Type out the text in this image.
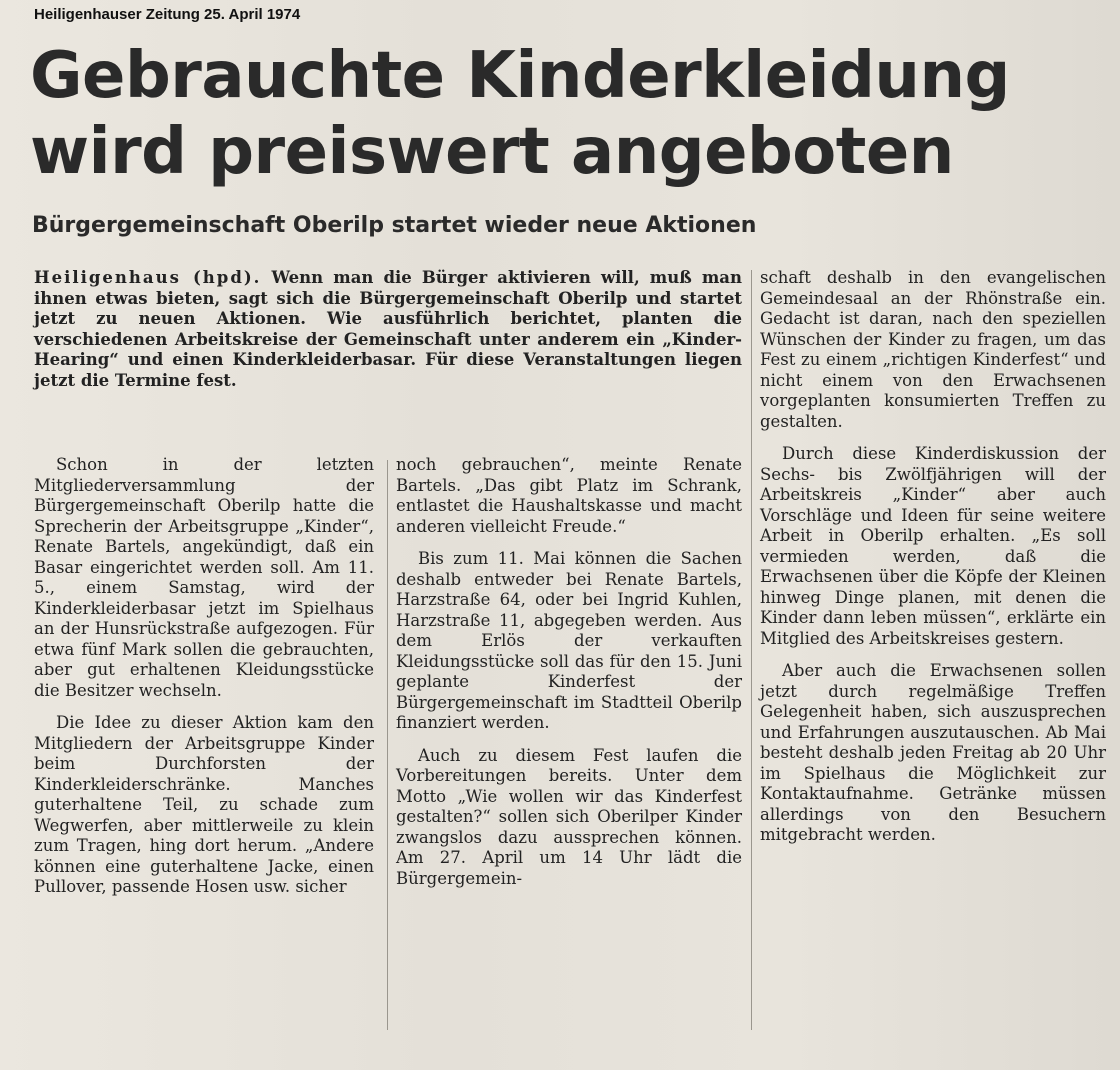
Heiligenhauser Zeitung 25. April 1974
Gebrauchte Kinderkleidung
wird preiswert angeboten
Bürgergemeinschaft Oberilp startet wieder neue Aktionen

Heiligenhaus (hpd). Wenn man die Bürger aktivieren will, muß man ihnen etwas bieten, sagt sich die Bürgergemeinschaft Oberilp und startet jetzt zu neuen Aktionen. Wie ausführlich berichtet, planten die verschiedenen Arbeitskreise der Gemeinschaft unter anderem ein „Kinder-Hearing“ und einen Kinderkleiderbasar. Für diese Veranstaltungen liegen jetzt die Termine fest.

Schon in der letzten Mitgliederversammlung der Bürgergemeinschaft Oberilp hatte die Sprecherin der Arbeitsgruppe „Kinder“, Renate Bartels, angekündigt, daß ein Basar eingerichtet werden soll. Am 11. 5., einem Samstag, wird der Kinderkleiderbasar jetzt im Spielhaus an der Hunsrückstraße aufgezogen. Für etwa fünf Mark sollen die gebrauchten, aber gut erhaltenen Kleidungsstücke die Besitzer wechseln.

Die Idee zu dieser Aktion kam den Mitgliedern der Arbeitsgruppe Kinder beim Durchforsten der Kinderkleiderschränke. Manches guterhaltene Teil, zu schade zum Wegwerfen, aber mittlerweile zu klein zum Tragen, hing dort herum. „Andere können eine guterhaltene Jacke, einen Pullover, passende Hosen usw. sicher

noch gebrauchen“, meinte Renate Bartels. „Das gibt Platz im Schrank, entlastet die Haushaltskasse und macht anderen vielleicht Freude.“

Bis zum 11. Mai können die Sachen deshalb entweder bei Renate Bartels, Harzstraße 64, oder bei Ingrid Kuhlen, Harzstraße 11, abgegeben werden. Aus dem Erlös der verkauften Kleidungsstücke soll das für den 15. Juni geplante Kinderfest der Bürgergemeinschaft im Stadtteil Oberilp finanziert werden.

Auch zu diesem Fest laufen die Vorbereitungen bereits. Unter dem Motto „Wie wollen wir das Kinderfest gestalten?“ sollen sich Oberilper Kinder zwangslos dazu aussprechen können. Am 27. April um 14 Uhr lädt die Bürgergemein-

schaft deshalb in den evangelischen Gemeindesaal an der Rhönstraße ein. Gedacht ist daran, nach den speziellen Wünschen der Kinder zu fragen, um das Fest zu einem „richtigen Kinderfest“ und nicht einem von den Erwachsenen vorgeplanten konsumierten Treffen zu gestalten.

Durch diese Kinderdiskussion der Sechs- bis Zwölfjährigen will der Arbeitskreis „Kinder“ aber auch Vorschläge und Ideen für seine weitere Arbeit in Oberilp erhalten. „Es soll vermieden werden, daß die Erwachsenen über die Köpfe der Kleinen hinweg Dinge planen, mit denen die Kinder dann leben müssen“, erklärte ein Mitglied des Arbeitskreises gestern.

Aber auch die Erwachsenen sollen jetzt durch regelmäßige Treffen Gelegenheit haben, sich auszusprechen und Erfahrungen auszutauschen. Ab Mai besteht deshalb jeden Freitag ab 20 Uhr im Spielhaus die Möglichkeit zur Kontaktaufnahme. Getränke müssen allerdings von den Besuchern mitgebracht werden.
